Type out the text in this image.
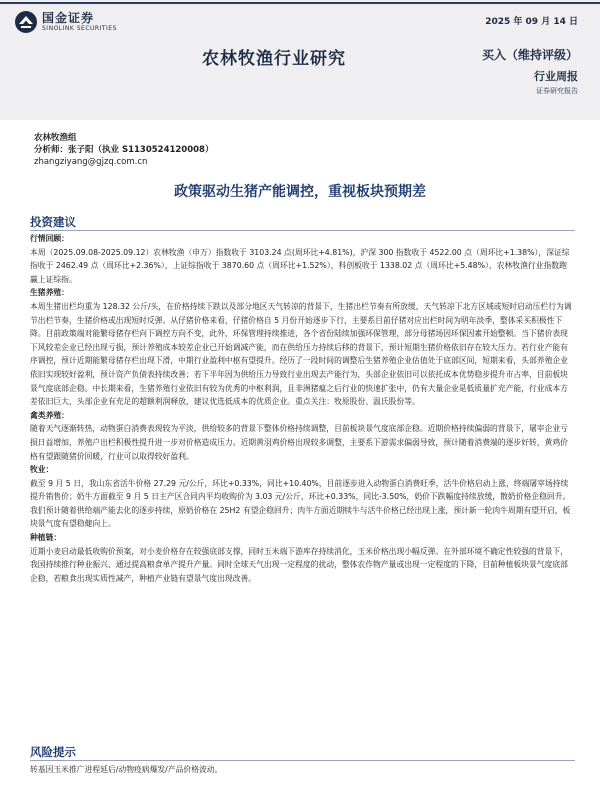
国金证券
SINOLINK SECURITIES
2025 年 09 月 14 日
农林牧渔行业研究	买入（维持评级）
行业周报
证券研究报告
农林牧渔组
分析师：张子阳（执业 S1130524120008）
zhangziyang@gjzq.com.cn
政策驱动生猪产能调控，重视板块预期差
投资建议
行情回顾：

本周（2025.09.08-2025.09.12）农林牧渔（申万）指数收于 3103.24 点(周环比+4.81%)，沪深 300 指数收于 4522.00 点（周环比+1.38%），深证综指收于 2462.49 点（周环比+2.36%），上证综指收于 3870.60 点（周环比+1.52%），科创板收于 1338.02 点（周环比+5.48%），农林牧渔行业指数跑赢上证综指。

生猪养殖：

本周生猪出栏均重为 128.32 公斤/头，在价格持续下跌以及部分地区天气转凉的背景下，生猪出栏节奏有所放缓，天气转凉下北方区域或短时启动压栏行为调节出栏节奏，生猪价格或出现短时反弹。从仔猪价格来看，仔猪价格自 5 月份开始逐步下行，主要系目前仔猪对应出栏时间为明年淡季，整体采买积极性下降。目前政策端对能繁母猪存栏向下调控方向不变，此外，环保管理持续推进，各个省份陆续加强环保管理，部分母猪场因环保因素开始整顿。当下猪价表现下风较差企业已经出现亏损，预计养殖成本较差企业已开始调减产能，而在供给压力持续后移的背景下，预计短期生猪价格依旧存在较大压力。若行业产能有序调控，预计近期能繁母猪存栏出现下滑，中期行业盈利中枢有望提升。经历了一段时间的调整后生猪养殖企业估值处于底部区间，短期来看，头部养殖企业依旧实现较好盈利，预计资产负债表持续改善；若下半年因为供给压力导致行业出现去产能行为，头部企业依旧可以依托成本优势稳步提升市占率，目前板块景气度底部企稳。中长期来看，生猪养殖行业依旧有较为优秀的中枢利润，且非洲猪瘟之后行业的快速扩张中，仍有大量企业是低质量扩充产能，行业成本方差依旧巨大，头部企业有充足的超额利润释放，建议优选低成本的优质企业。重点关注：牧原股份、温氏股份等。

禽类养殖：

随着天气逐渐转热，动物蛋白消费表现较为平淡，供给较多的背景下整体价格持续调整，目前板块景气度底部企稳。近期价格持续偏弱的背景下，屠宰企业亏损日益增加，养殖户出栏积极性提升进一步对价格造成压力。近期黄羽鸡价格出现较多调整，主要系下游需求偏弱导致，预计随着消费端的逐步好转，黄鸡价格有望跟随猪价回暖，行业可以取得较好盈利。

牧业：

截至 9 月 5 日，我山东省活牛价格 27.29 元/公斤，环比+0.33%，同比+10.40%，目前逐步进入动物蛋白消费旺季，活牛价格启动上涨，终端屠宰场持续提升销售价；奶牛方面截至 9 月 5 日主产区合同内平均收购价为 3.03 元/公斤，环比+0.33%，同比-3.50%，奶价下跌幅度持续放缓，散奶价格企稳回升。我们预计随着供给端产能去化的逐步持续，原奶价格在 25H2 有望企稳回升；肉牛方面近期犊牛与活牛价格已经出现上涨，预计新一轮肉牛周期有望开启，板块景气度有望稳健向上。

种植链：

近期小麦启动最低收购价预案，对小麦价格存在较强底部支撑，同时玉米端下游库存持续消化，玉米价格出现小幅反弹。在外部环境不确定性较强的背景下，我国持续推行种业振兴、通过提高粮食单产提升产量。同时全球天气出现一定程度的扰动，整体农作物产量或出现一定程度的下降，目前种植板块景气度底部企稳，若粮食出现实质性减产，种植产业链有望景气度出现改善。

风险提示

转基因玉米推广进程延后/动物疫病爆发/产品价格波动。
